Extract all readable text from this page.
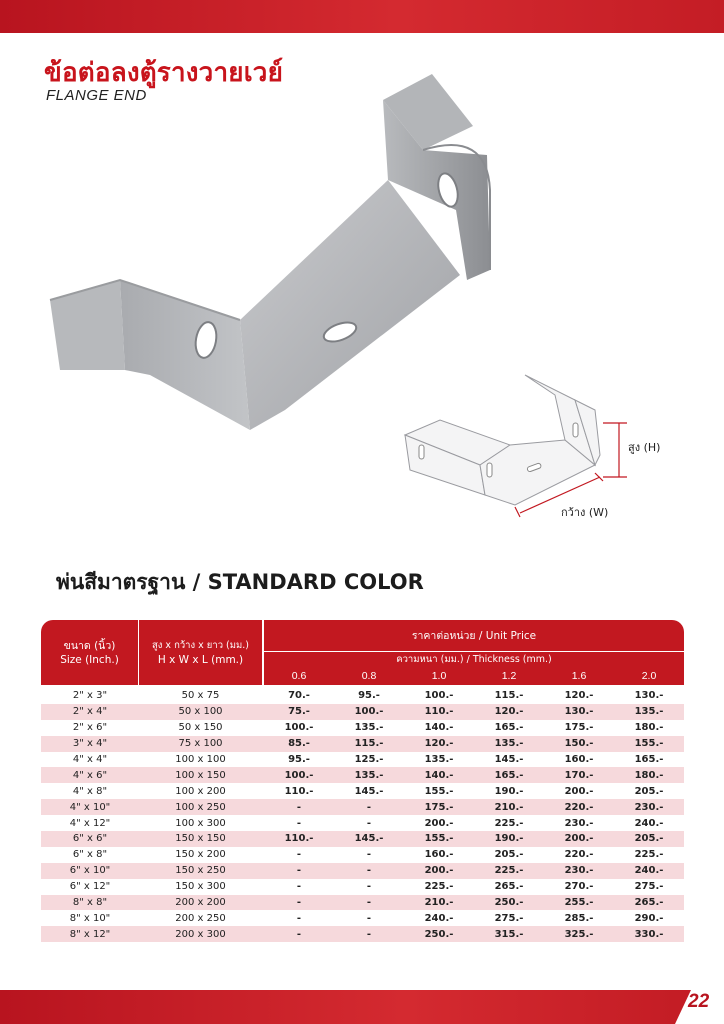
สูง (H)
กว้าง (W)
ข้อต่อลงตู้รางวายเวย์
FLANGE END
พ่นสีมาตรฐาน / STANDARD COLOR
ขนาด (นิ้ว)
Size (Inch.)
สูง x กว้าง x ยาว (มม.)
H x W x L (mm.)
ราคาต่อหน่วย / Unit Price
ความหนา (มม.) / Thickness (mm.)
0.6	0.8	1.0	1.2	1.6	2.0
2" x 3"	50 x 75	70.-	95.-	100.-	115.-	120.-	130.-
2" x 4"	50 x 100	75.-	100.-	110.-	120.-	130.-	135.-
2" x 6"	50 x 150	100.-	135.-	140.-	165.-	175.-	180.-
3" x 4"	75 x 100	85.-	115.-	120.-	135.-	150.-	155.-
4" x 4"	100 x 100	95.-	125.-	135.-	145.-	160.-	165.-
4" x 6"	100 x 150	100.-	135.-	140.-	165.-	170.-	180.-
4" x 8"	100 x 200	110.-	145.-	155.-	190.-	200.-	205.-
4" x 10"	100 x 250	-	-	175.-	210.-	220.-	230.-
4" x 12"	100 x 300	-	-	200.-	225.-	230.-	240.-
6" x 6"	150 x 150	110.-	145.-	155.-	190.-	200.-	205.-
6" x 8"	150 x 200	-	-	160.-	205.-	220.-	225.-
6" x 10"	150 x 250	-	-	200.-	225.-	230.-	240.-
6" x 12"	150 x 300	-	-	225.-	265.-	270.-	275.-
8" x 8"	200 x 200	-	-	210.-	250.-	255.-	265.-
8" x 10"	200 x 250	-	-	240.-	275.-	285.-	290.-
8" x 12"	200 x 300	-	-	250.-	315.-	325.-	330.-
22
